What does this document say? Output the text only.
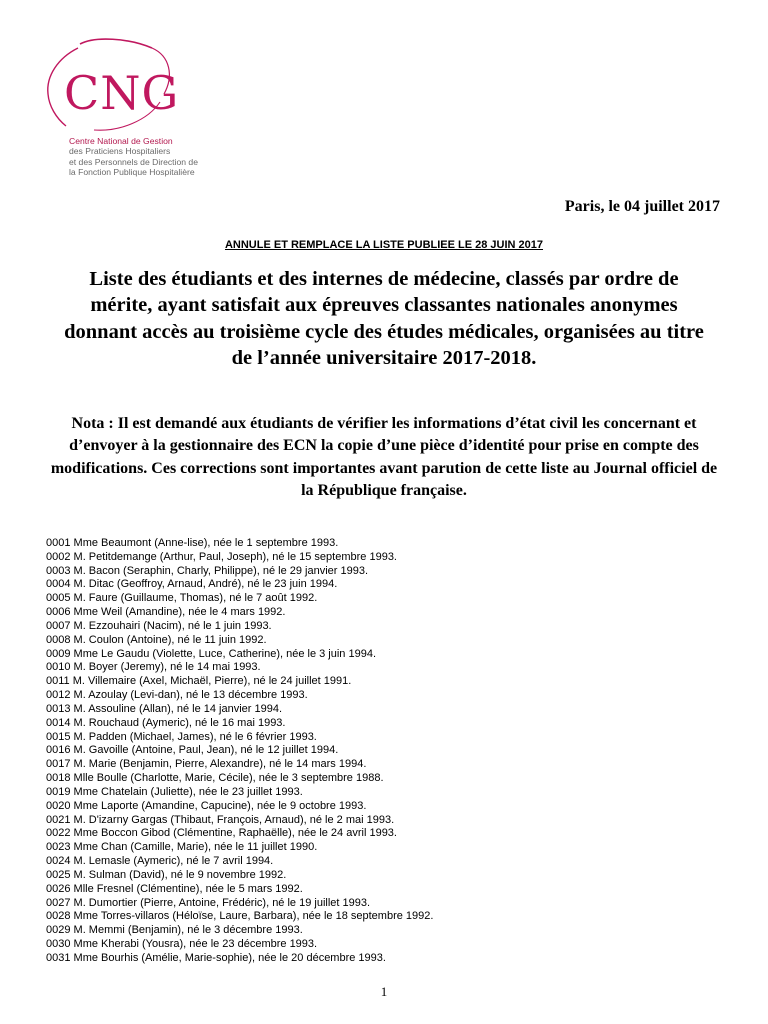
CNG
Centre National de Gestion
des Praticiens Hospitaliers
et des Personnels de Direction de
la Fonction Publique Hospitalière
Paris, le 04 juillet 2017
ANNULE ET REMPLACE LA LISTE PUBLIEE LE 28 JUIN 2017
Liste des étudiants et des internes de médecine, classés par ordre de mérite, ayant satisfait aux épreuves classantes nationales anonymes donnant accès au troisième cycle des études médicales, organisées au titre de l’année universitaire 2017-2018.
Nota : Il est demandé aux étudiants de vérifier les informations d’état civil les concernant et d’envoyer à la gestionnaire des ECN la copie d’une pièce d’identité pour prise en compte des modifications. Ces corrections sont importantes avant parution de cette liste au Journal officiel de la République française.
0001 Mme Beaumont (Anne-lise), née le 1 septembre 1993.
0002 M. Petitdemange (Arthur, Paul, Joseph), né le 15 septembre 1993.
0003 M. Bacon (Seraphin, Charly, Philippe), né le 29 janvier 1993.
0004 M. Ditac (Geoffroy, Arnaud, André), né le 23 juin 1994.
0005 M. Faure (Guillaume, Thomas), né le 7 août 1992.
0006 Mme Weil (Amandine), née le 4 mars 1992.
0007 M. Ezzouhairi (Nacim), né le 1 juin 1993.
0008 M. Coulon (Antoine), né le 11 juin 1992.
0009 Mme Le Gaudu (Violette, Luce, Catherine), née le 3 juin 1994.
0010 M. Boyer (Jeremy), né le 14 mai 1993.
0011 M. Villemaire (Axel, Michaël, Pierre), né le 24 juillet 1991.
0012 M. Azoulay (Levi-dan), né le 13 décembre 1993.
0013 M. Assouline (Allan), né le 14 janvier 1994.
0014 M. Rouchaud (Aymeric), né le 16 mai 1993.
0015 M. Padden (Michael, James), né le 6 février 1993.
0016 M. Gavoille (Antoine, Paul, Jean), né le 12 juillet 1994.
0017 M. Marie (Benjamin, Pierre, Alexandre), né le 14 mars 1994.
0018 Mlle Boulle (Charlotte, Marie, Cécile), née le 3 septembre 1988.
0019 Mme Chatelain (Juliette), née le 23 juillet 1993.
0020 Mme Laporte (Amandine, Capucine), née le 9 octobre 1993.
0021 M. D'izarny Gargas (Thibaut, François, Arnaud), né le 2 mai 1993.
0022 Mme Boccon Gibod (Clémentine, Raphaëlle), née le 24 avril 1993.
0023 Mme Chan (Camille, Marie), née le 11 juillet 1990.
0024 M. Lemasle (Aymeric), né le 7 avril 1994.
0025 M. Sulman (David), né le 9 novembre 1992.
0026 Mlle Fresnel (Clémentine), née le 5 mars 1992.
0027 M. Dumortier (Pierre, Antoine, Frédéric), né le 19 juillet 1993.
0028 Mme Torres-villaros (Héloïse, Laure, Barbara), née le 18 septembre 1992.
0029 M. Memmi (Benjamin), né le 3 décembre 1993.
0030 Mme Kherabi (Yousra), née le 23 décembre 1993.
0031 Mme Bourhis (Amélie, Marie-sophie), née le 20 décembre 1993.
1
